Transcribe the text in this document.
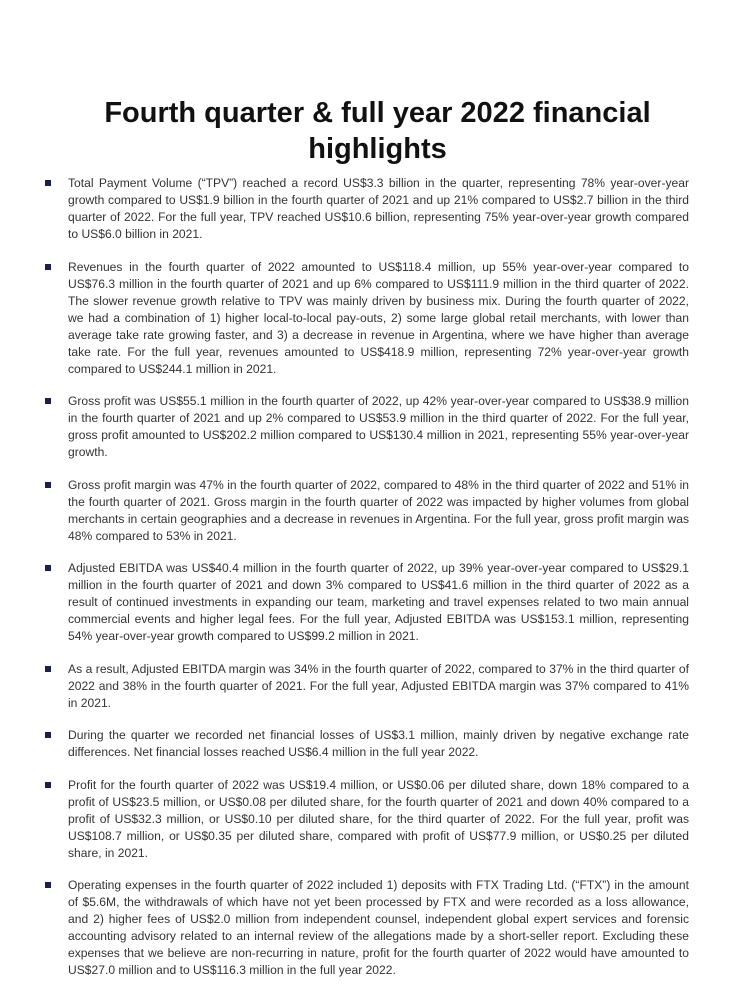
Fourth quarter & full year 2022 financial highlights
Total Payment Volume (“TPV”) reached a record US$3.3 billion in the quarter, representing 78% year-over-year growth compared to US$1.9 billion in the fourth quarter of 2021 and up 21% compared to US$2.7 billion in the third quarter of 2022. For the full year, TPV reached US$10.6 billion, representing 75% year-over-year growth compared to US$6.0 billion in 2021.
Revenues in the fourth quarter of 2022 amounted to US$118.4 million, up 55% year-over-year compared to US$76.3 million in the fourth quarter of 2021 and up 6% compared to US$111.9 million in the third quarter of 2022. The slower revenue growth relative to TPV was mainly driven by business mix. During the fourth quarter of 2022, we had a combination of 1) higher local-to-local pay-outs, 2) some large global retail merchants, with lower than average take rate growing faster, and 3) a decrease in revenue in Argentina, where we have higher than average take rate. For the full year, revenues amounted to US$418.9 million, representing 72% year-over-year growth compared to US$244.1 million in 2021.
Gross profit was US$55.1 million in the fourth quarter of 2022, up 42% year-over-year compared to US$38.9 million in the fourth quarter of 2021 and up 2% compared to US$53.9 million in the third quarter of 2022. For the full year, gross profit amounted to US$202.2 million compared to US$130.4 million in 2021, representing 55% year-over-year growth.
Gross profit margin was 47% in the fourth quarter of 2022, compared to 48% in the third quarter of 2022 and 51% in the fourth quarter of 2021. Gross margin in the fourth quarter of 2022 was impacted by higher volumes from global merchants in certain geographies and a decrease in revenues in Argentina. For the full year, gross profit margin was 48% compared to 53% in 2021.
Adjusted EBITDA was US$40.4 million in the fourth quarter of 2022, up 39% year-over-year compared to US$29.1 million in the fourth quarter of 2021 and down 3% compared to US$41.6 million in the third quarter of 2022 as a result of continued investments in expanding our team, marketing and travel expenses related to two main annual commercial events and higher legal fees. For the full year, Adjusted EBITDA was US$153.1 million, representing 54% year-over-year growth compared to US$99.2 million in 2021.
As a result, Adjusted EBITDA margin was 34% in the fourth quarter of 2022, compared to 37% in the third quarter of 2022 and 38% in the fourth quarter of 2021. For the full year, Adjusted EBITDA margin was 37% compared to 41% in 2021.
During the quarter we recorded net financial losses of US$3.1 million, mainly driven by negative exchange rate differences. Net financial losses reached US$6.4 million in the full year 2022.
Profit for the fourth quarter of 2022 was US$19.4 million, or US$0.06 per diluted share, down 18% compared to a profit of US$23.5 million, or US$0.08 per diluted share, for the fourth quarter of 2021 and down 40% compared to a profit of US$32.3 million, or US$0.10 per diluted share, for the third quarter of 2022. For the full year, profit was US$108.7 million, or US$0.35 per diluted share, compared with profit of US$77.9 million, or US$0.25 per diluted share, in 2021.
Operating expenses in the fourth quarter of 2022 included 1) deposits with FTX Trading Ltd. (“FTX”) in the amount of $5.6M, the withdrawals of which have not yet been processed by FTX and were recorded as a loss allowance, and 2) higher fees of US$2.0 million from independent counsel, independent global expert services and forensic accounting advisory related to an internal review of the allegations made by a short-seller report. Excluding these expenses that we believe are non-recurring in nature, profit for the fourth quarter of 2022 would have amounted to US$27.0 million and to US$116.3 million in the full year 2022.
